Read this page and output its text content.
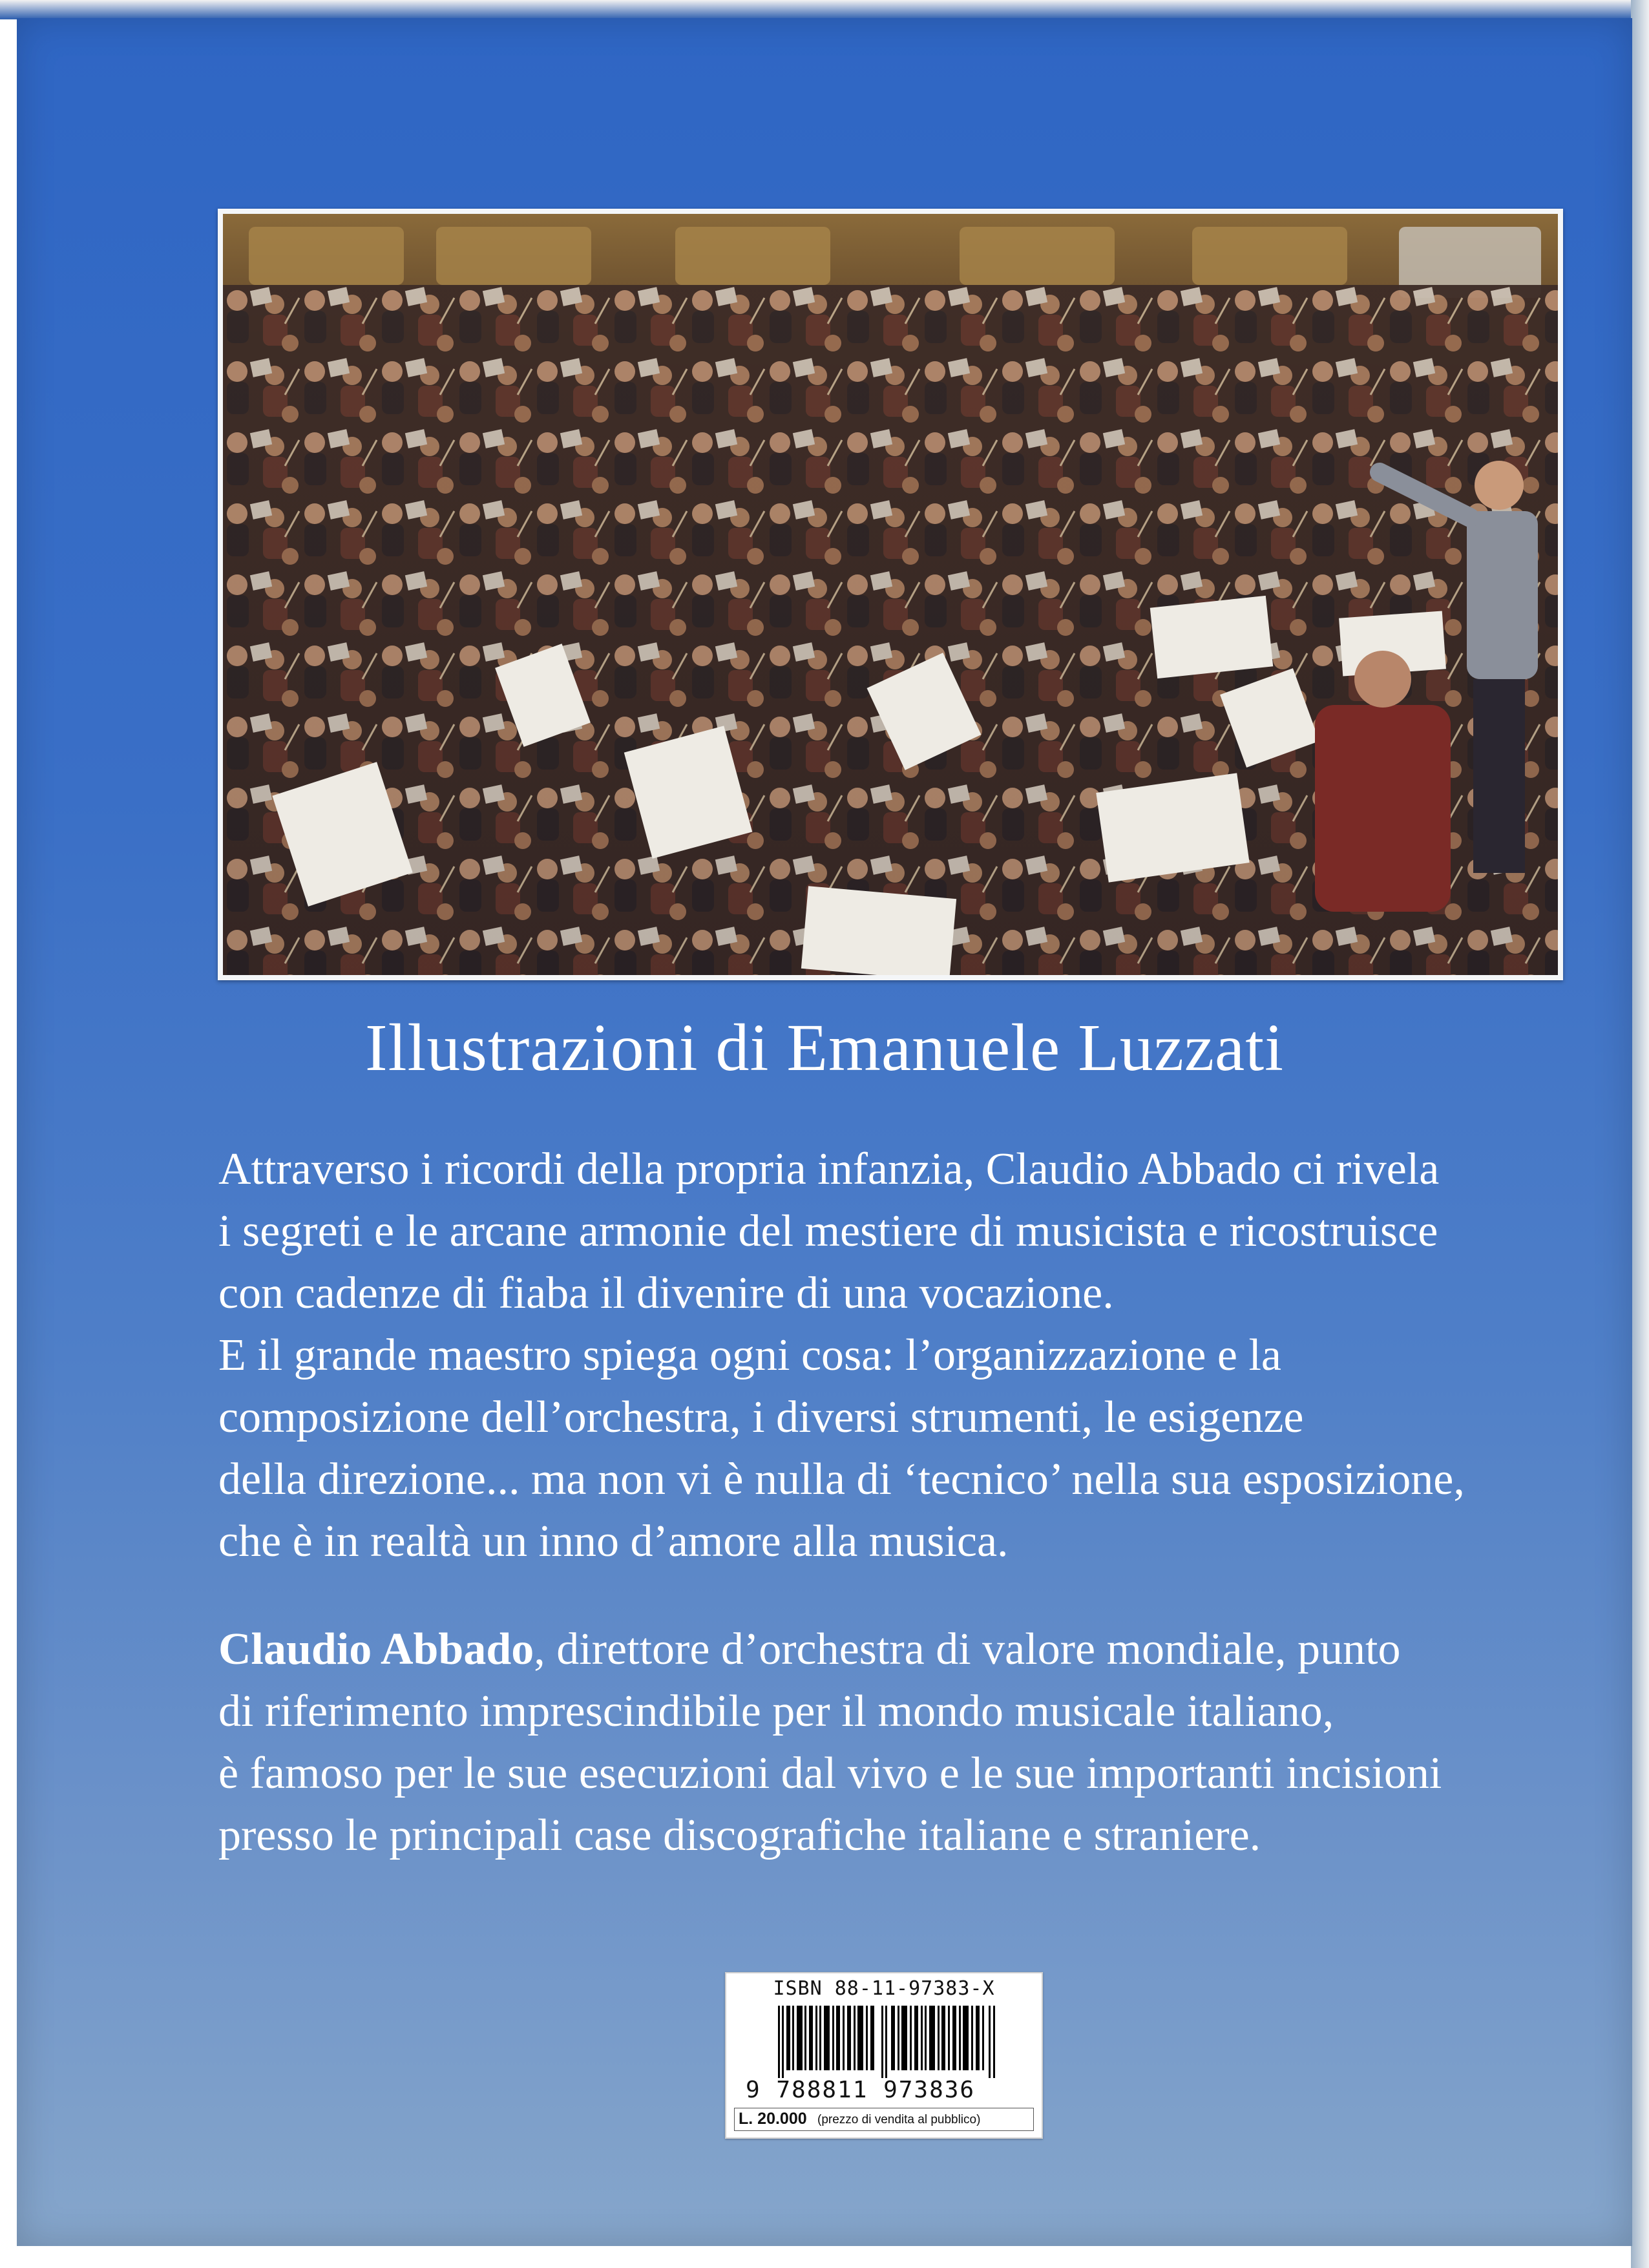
Illustrazioni di Emanuele Luzzati

Attraverso i ricordi della propria infanzia, Claudio Abbado ci rivela
i segreti e le arcane armonie del mestiere di musicista e ricostruisce
con cadenze di fiaba il divenire di una vocazione.
E il grande maestro spiega ogni cosa: l’organizzazione e la
composizione dell’orchestra, i diversi strumenti, le esigenze
della direzione... ma non vi è nulla di ‘tecnico’ nella sua esposizione,
che è in realtà un inno d’amore alla musica.

Claudio Abbado, direttore d’orchestra di valore mondiale, punto
di riferimento imprescindibile per il mondo musicale italiano,
è famoso per le sue esecuzioni dal vivo e le sue importanti incisioni
presso le principali case discografiche italiane e straniere.

ISBN 88-11-97383-X
9 788811 973836
L. 20.000 (prezzo di vendita al pubblico)
